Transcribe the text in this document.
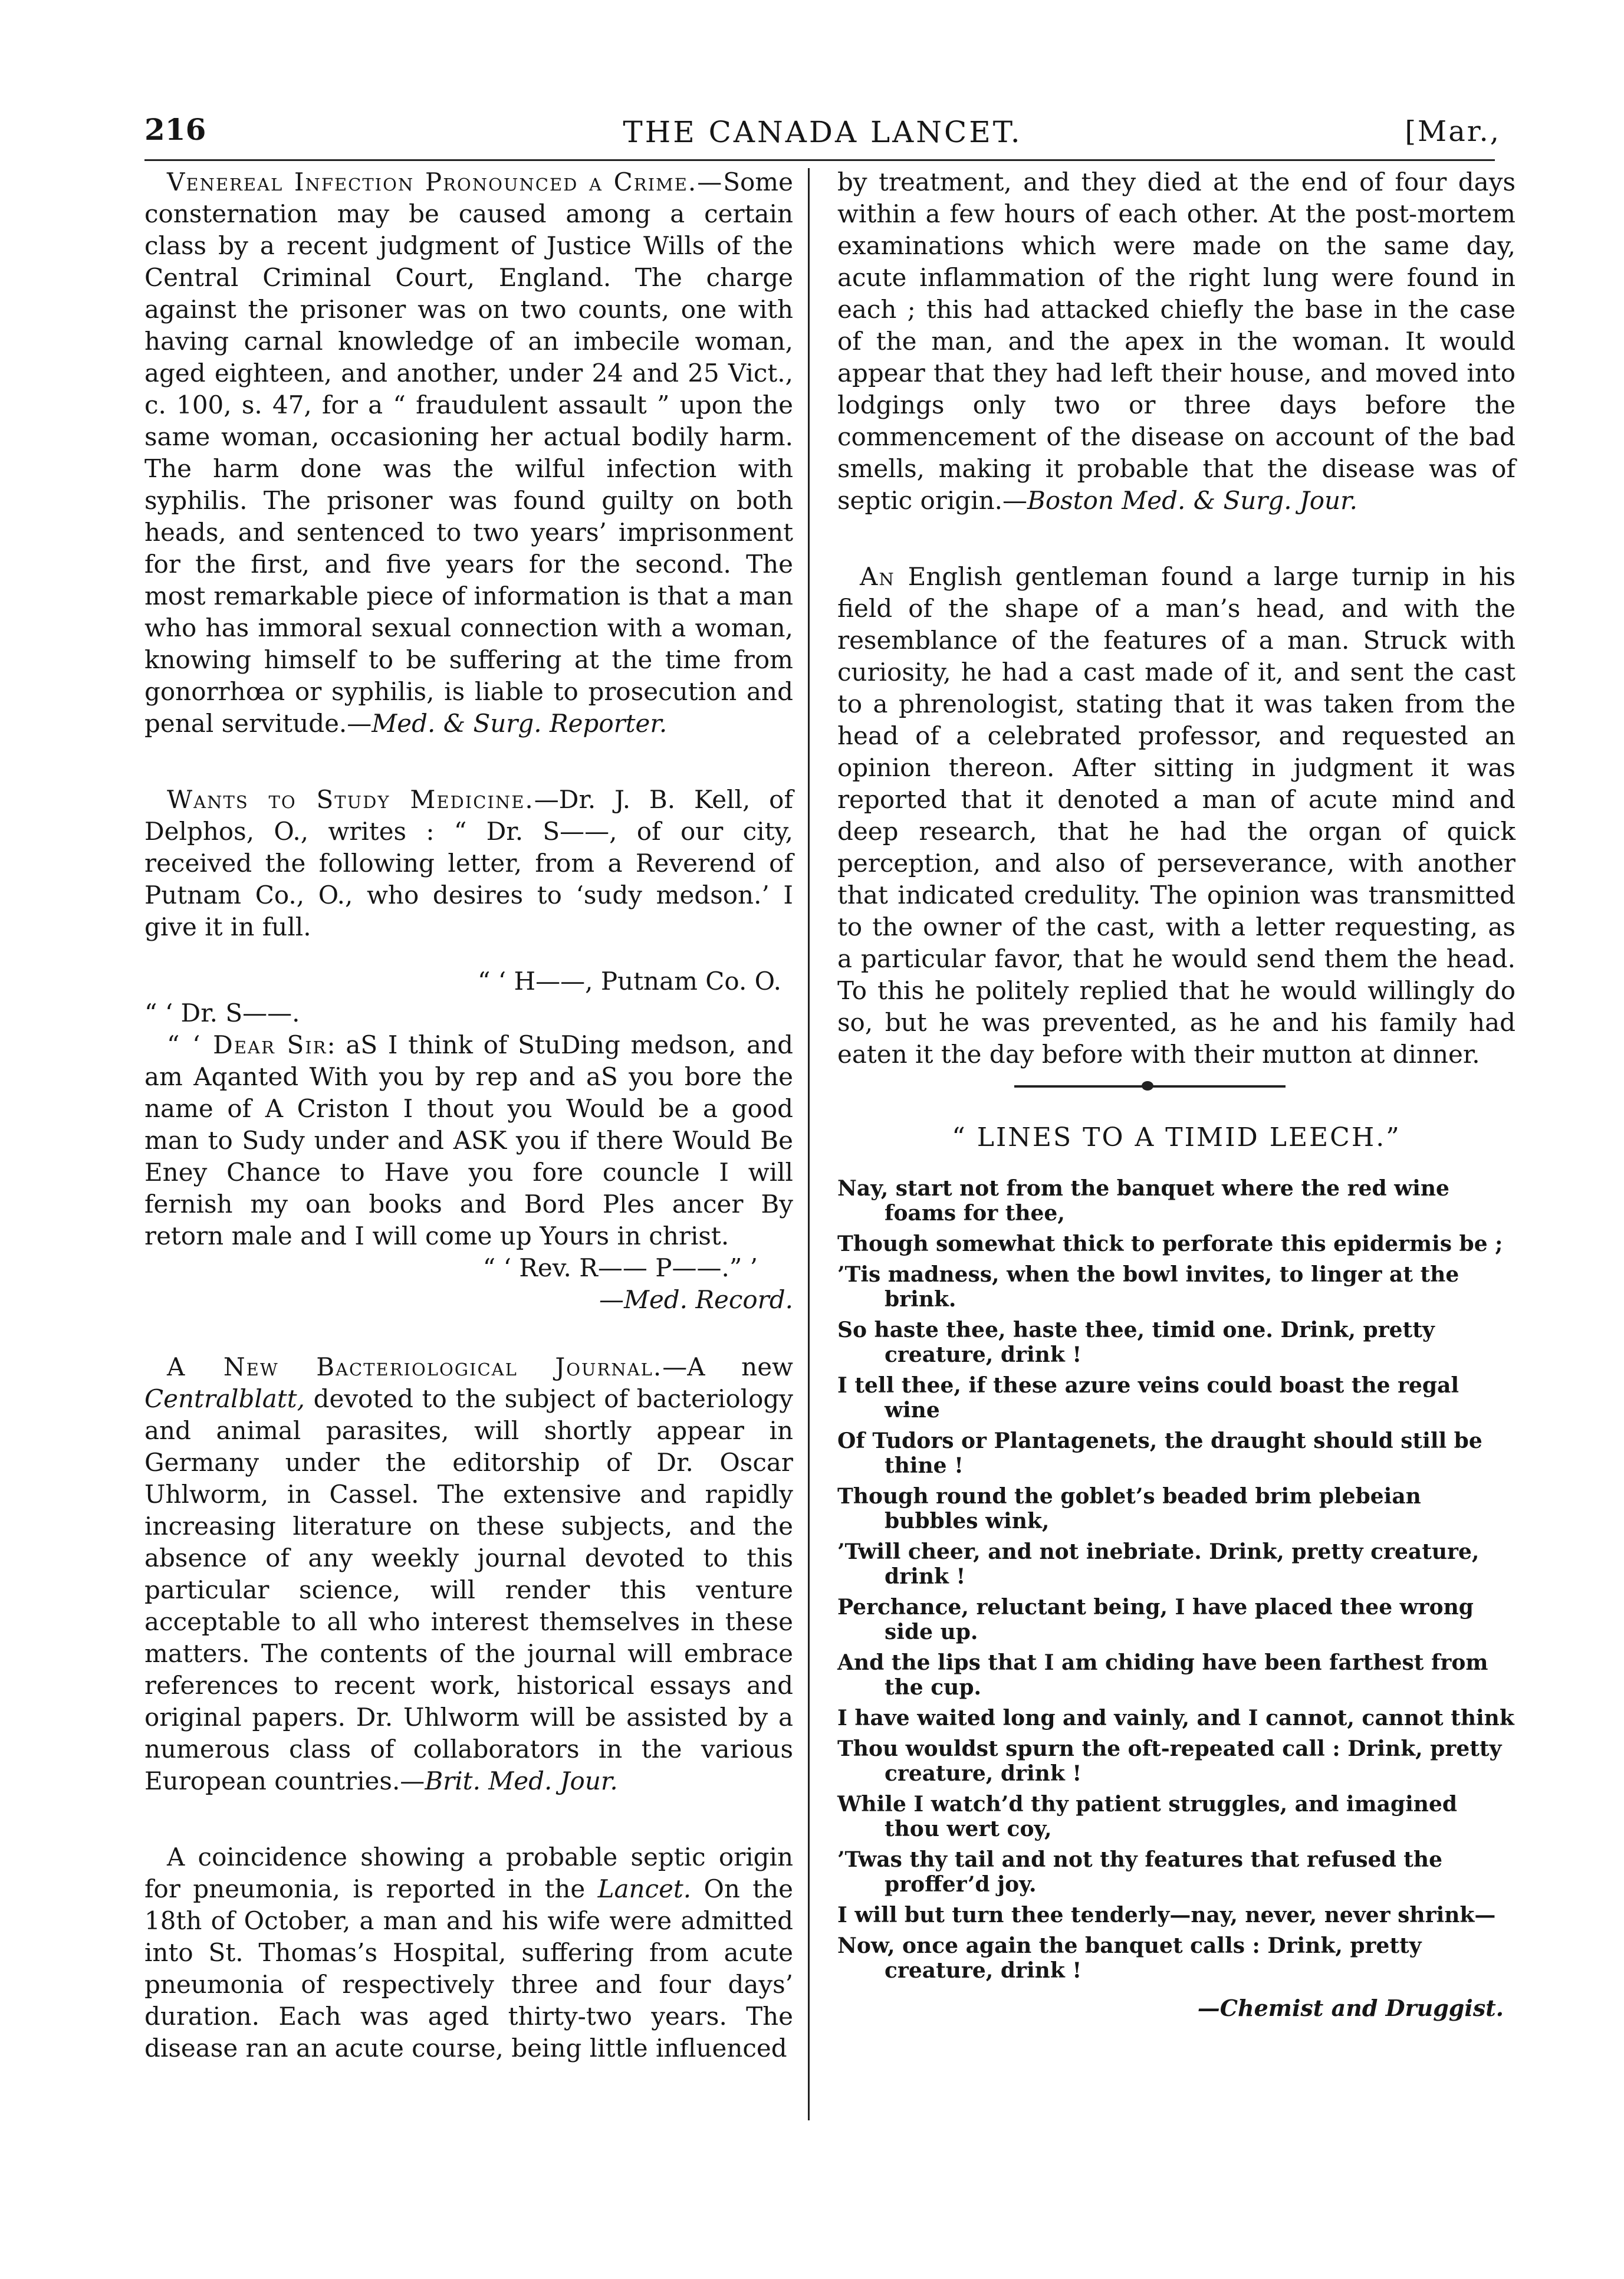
216	THE CANADA LANCET.	[Mar.,

Venereal Infection Pronounced a Crime.—Some consternation may be caused among a certain class by a recent judgment of Justice Wills of the Central Criminal Court, England. The charge against the prisoner was on two counts, one with having carnal knowledge of an imbecile woman, aged eighteen, and another, under 24 and 25 Vict., c. 100, s. 47, for a “ fraudulent assault ” upon the same woman, occasioning her actual bodily harm. The harm done was the wilful infection with syphilis. The prisoner was found guilty on both heads, and sentenced to two years’ imprisonment for the first, and five years for the second. The most remarkable piece of information is that a man who has immoral sexual connection with a woman, knowing himself to be suffering at the time from gonorrhœa or syphilis, is liable to prosecution and penal servitude.—Med. & Surg. Reporter.

Wants to Study Medicine.—Dr. J. B. Kell, of Delphos, O., writes : “ Dr. S——, of our city, received the following letter, from a Reverend of Putnam Co., O., who desires to ‘sudy medson.’ I give it in full.

“ ‘ H——, Putnam Co. O.

“ ‘ Dr. S——.

“ ‘ Dear Sir: aS I think of StuDing medson, and am Aqanted With you by rep and aS you bore the name of A Criston I thout you Would be a good man to Sudy under and ASK you if there Would Be Eney Chance to Have you fore councle I will fernish my oan books and Bord Ples ancer By retorn male and I will come up Yours in christ.

“ ‘ Rev. R—— P——.” ’

—Med. Record.

A New Bacteriological Journal.—A new Centralblatt, devoted to the subject of bacteriology and animal parasites, will shortly appear in Germany under the editorship of Dr. Oscar Uhlworm, in Cassel. The extensive and rapidly increasing literature on these subjects, and the absence of any weekly journal devoted to this particular science, will render this venture acceptable to all who interest themselves in these matters. The contents of the journal will embrace references to recent work, historical essays and original papers. Dr. Uhlworm will be assisted by a numerous class of collaborators in the various European countries.—Brit. Med. Jour.

A coincidence showing a probable septic origin for pneumonia, is reported in the Lancet. On the 18th of October, a man and his wife were admitted into St. Thomas’s Hospital, suffering from acute pneumonia of respectively three and four days’ duration. Each was aged thirty-two years. The disease ran an acute course, being little influenced

by treatment, and they died at the end of four days within a few hours of each other. At the post-mortem examinations which were made on the same day, acute inflammation of the right lung were found in each ; this had attacked chiefly the base in the case of the man, and the apex in the woman. It would appear that they had left their house, and moved into lodgings only two or three days before the commencement of the disease on account of the bad smells, making it probable that the disease was of septic origin.—Boston Med. & Surg. Jour.

An English gentleman found a large turnip in his field of the shape of a man’s head, and with the resemblance of the features of a man. Struck with curiosity, he had a cast made of it, and sent the cast to a phrenologist, stating that it was taken from the head of a celebrated professor, and requested an opinion thereon. After sitting in judgment it was reported that it denoted a man of acute mind and deep research, that he had the organ of quick perception, and also of perseverance, with another that indicated credulity. The opinion was transmitted to the owner of the cast, with a letter requesting, as a particular favor, that he would send them the head. To this he politely replied that he would willingly do so, but he was prevented, as he and his family had eaten it the day before with their mutton at dinner.

“ LINES TO A TIMID LEECH.”
Nay, start not from the banquet where the red wine foams for thee,
Though somewhat thick to perforate this epidermis be ;
’Tis madness, when the bowl invites, to linger at the brink.
So haste thee, haste thee, timid one. Drink, pretty creature, drink !
I tell thee, if these azure veins could boast the regal wine
Of Tudors or Plantagenets, the draught should still be thine !
Though round the goblet’s beaded brim plebeian bubbles wink,
’Twill cheer, and not inebriate. Drink, pretty creature, drink !
Perchance, reluctant being, I have placed thee wrong side up.
And the lips that I am chiding have been farthest from the cup.
I have waited long and vainly, and I cannot, cannot think
Thou wouldst spurn the oft-repeated call : Drink, pretty creature, drink !
While I watch’d thy patient struggles, and imagined thou wert coy,
’Twas thy tail and not thy features that refused the proffer’d joy.
I will but turn thee tenderly—nay, never, never shrink—
Now, once again the banquet calls : Drink, pretty creature, drink !
—Chemist and Druggist.
